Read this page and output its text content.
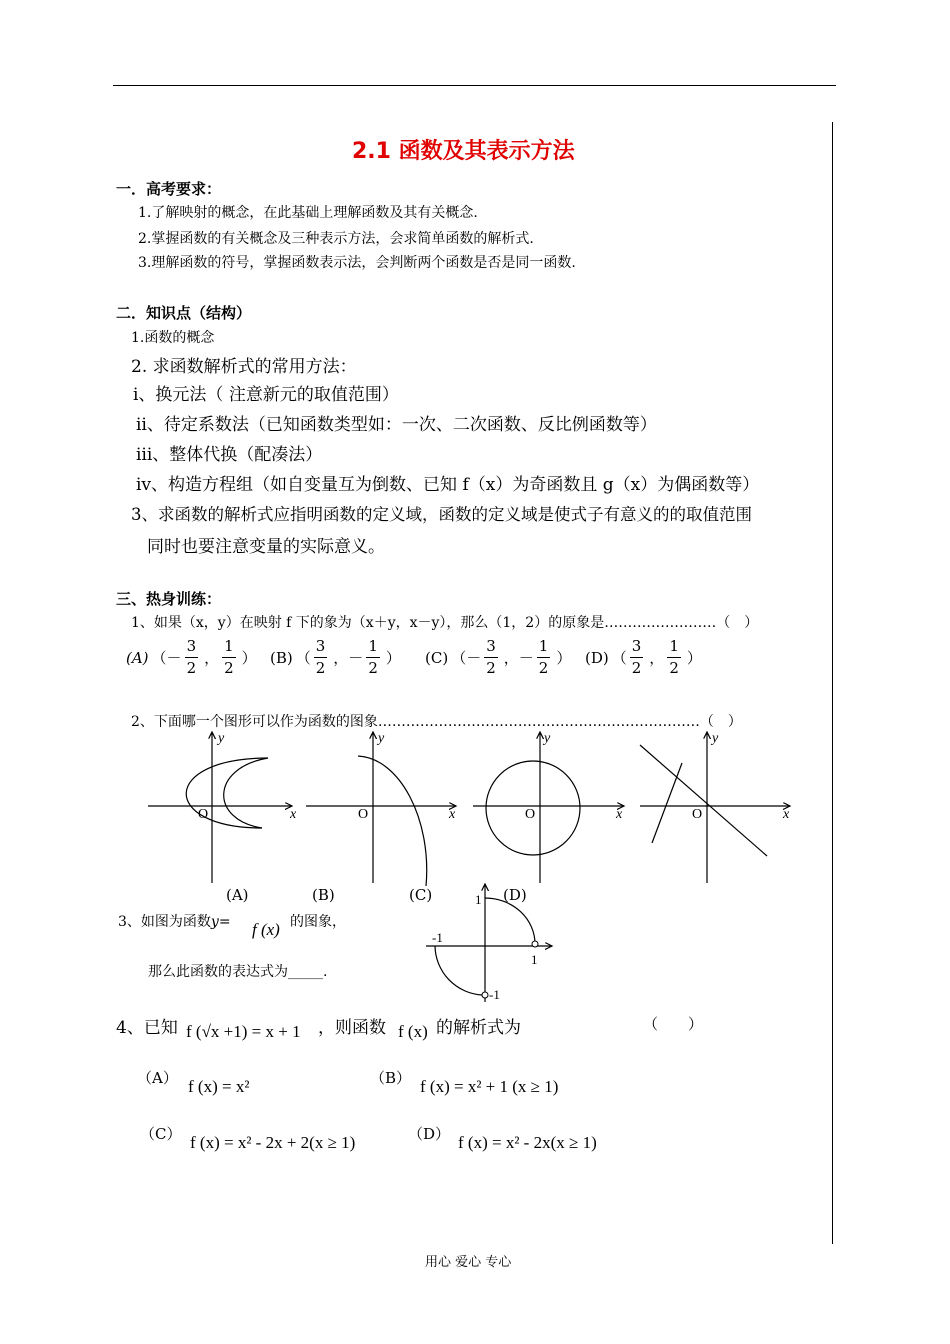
2.1 函数及其表示方法
一．高考要求：
1.了解映射的概念，在此基础上理解函数及其有关概念.
2.掌握函数的有关概念及三种表示方法，会求简单函数的解析式.
3.理解函数的符号，掌握函数表示法，会判断两个函数是否是同一函数.
二．知识点（结构）
1.函数的概念
2. 求函数解析式的常用方法：
ⅰ、换元法（ 注意新元的取值范围）
ⅱ、待定系数法（已知函数类型如：一次、二次函数、反比例函数等）
ⅲ、整体代换（配凑法）
ⅳ、构造方程组（如自变量互为倒数、已知 f（x）为奇函数且 g（x）为偶函数等）
3、求函数的解析式应指明函数的定义域，函数的定义域是使式子有意义的的取值范围
同时也要注意变量的实际意义。
三、热身训练：
1、如果（x，y）在映射 f 下的象为（x＋y，x－y），那么（1，2）的原象是……………………（　）
(A) （－ $\frac{3}{2}$ ， $\frac{1}{2}$ ） (B) （ $\frac{3}{2}$ ，－ $\frac{1}{2}$ ） (C) （－ $\frac{3}{2}$ ，－ $\frac{1}{2}$ ） (D) （ $\frac{3}{2}$ ， $\frac{1}{2}$ ）
2、下面哪一个图形可以作为函数的图象……………………………………………………………（　）
y
O	x
y
O	x
y
O	x
y
O	x
(A)	(B)	(C)	(D)
3、如图为函数y= f (x) 的图象，
那么此函数的表达式为_____.
1
-1
1
-1
4、已知 f (√x +1) = x + 1 ，则函数 f (x) 的解析式为	（　　）
（A） f (x) = x²	（B） f (x) = x² + 1 (x ≥ 1)
（C） f (x) = x² - 2x + 2(x ≥ 1)	（D） f (x) = x² - 2x(x ≥ 1)
用心 爱心 专心
